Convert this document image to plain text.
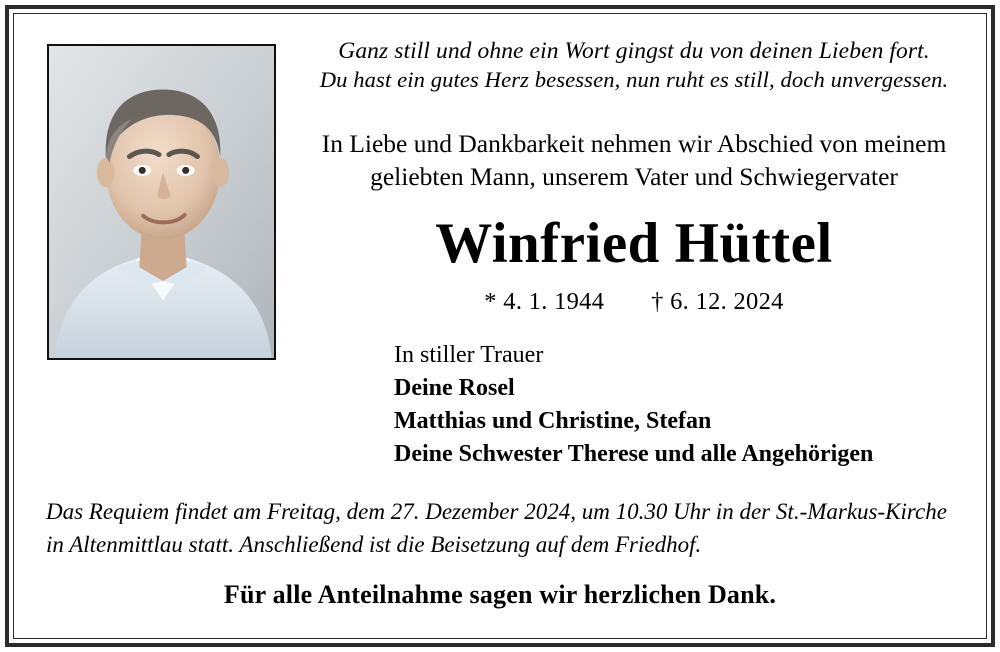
Ganz still und ohne ein Wort gingst du von deinen Lieben fort.
Du hast ein gutes Herz besessen, nun ruht es still, doch unvergessen.
In Liebe und Dankbarkeit nehmen wir Abschied von meinem
geliebten Mann, unserem Vater und Schwiegervater
Winfried Hüttel
* 4. 1. 1944 † 6. 12. 2024
In stiller Trauer
Deine Rosel
Matthias und Christine, Stefan
Deine Schwester Therese und alle Angehörigen
Das Requiem findet am Freitag, dem 27. Dezember 2024, um 10.30 Uhr in der St.-Markus-Kirche
in Altenmittlau statt. Anschließend ist die Beisetzung auf dem Friedhof.
Für alle Anteilnahme sagen wir herzlichen Dank.
